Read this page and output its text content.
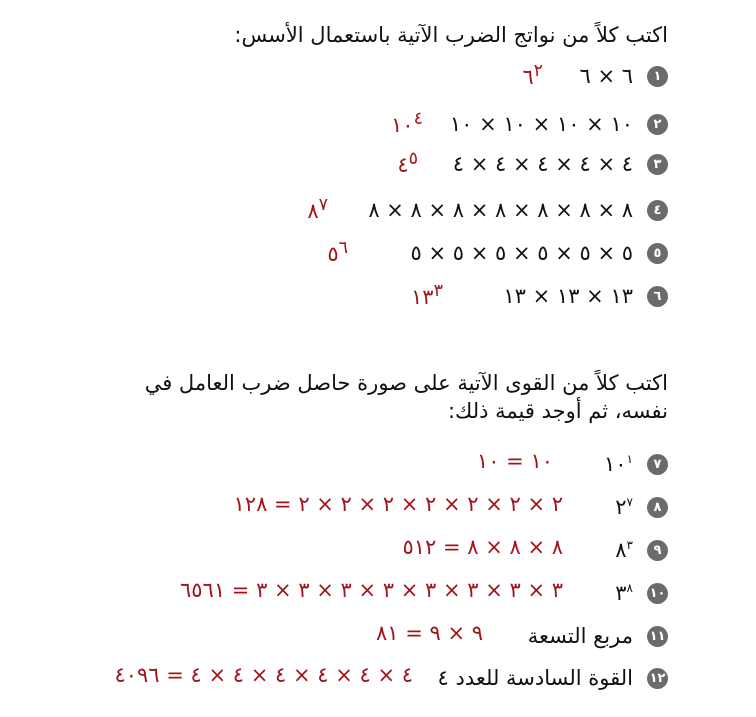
اكتب كلاً من نواتج الضرب الآتية باستعمال الأسس:
١
٦ × ٦
$٦^٢$
٢
١٠ × ١٠ × ١٠ × ١٠
$١٠^٤$
٣
٤ × ٤ × ٤ × ٤ × ٤
$٤^٥$
٤
٨ × ٨ × ٨ × ٨ × ٨ × ٨ × ٨
$٨^٧$
٥
٥ × ٥ × ٥ × ٥ × ٥ × ٥
$٥^٦$
٦
١٣ × ١٣ × ١٣
$١٣^٣$
اكتب كلاً من القوى الآتية على صورة حاصل ضرب العامل في
نفسه، ثم أوجد قيمة ذلك:
٧
$١٠^١$
١٠ = ١٠
٨
$٢^٧$
٢ × ٢ × ٢ × ٢ × ٢ × ٢ × ٢ = ١٢٨
٩
$٨^٣$
٨ × ٨ × ٨ = ٥١٢
١٠
$٣^٨$
٣ × ٣ × ٣ × ٣ × ٣ × ٣ × ٣ × ٣ = ٦٥٦١
١١
مربع التسعة
٩ × ٩ = ٨١
١٢
القوة السادسة للعدد ٤
٤ × ٤ × ٤ × ٤ × ٤ × ٤ = ٤٠٩٦
